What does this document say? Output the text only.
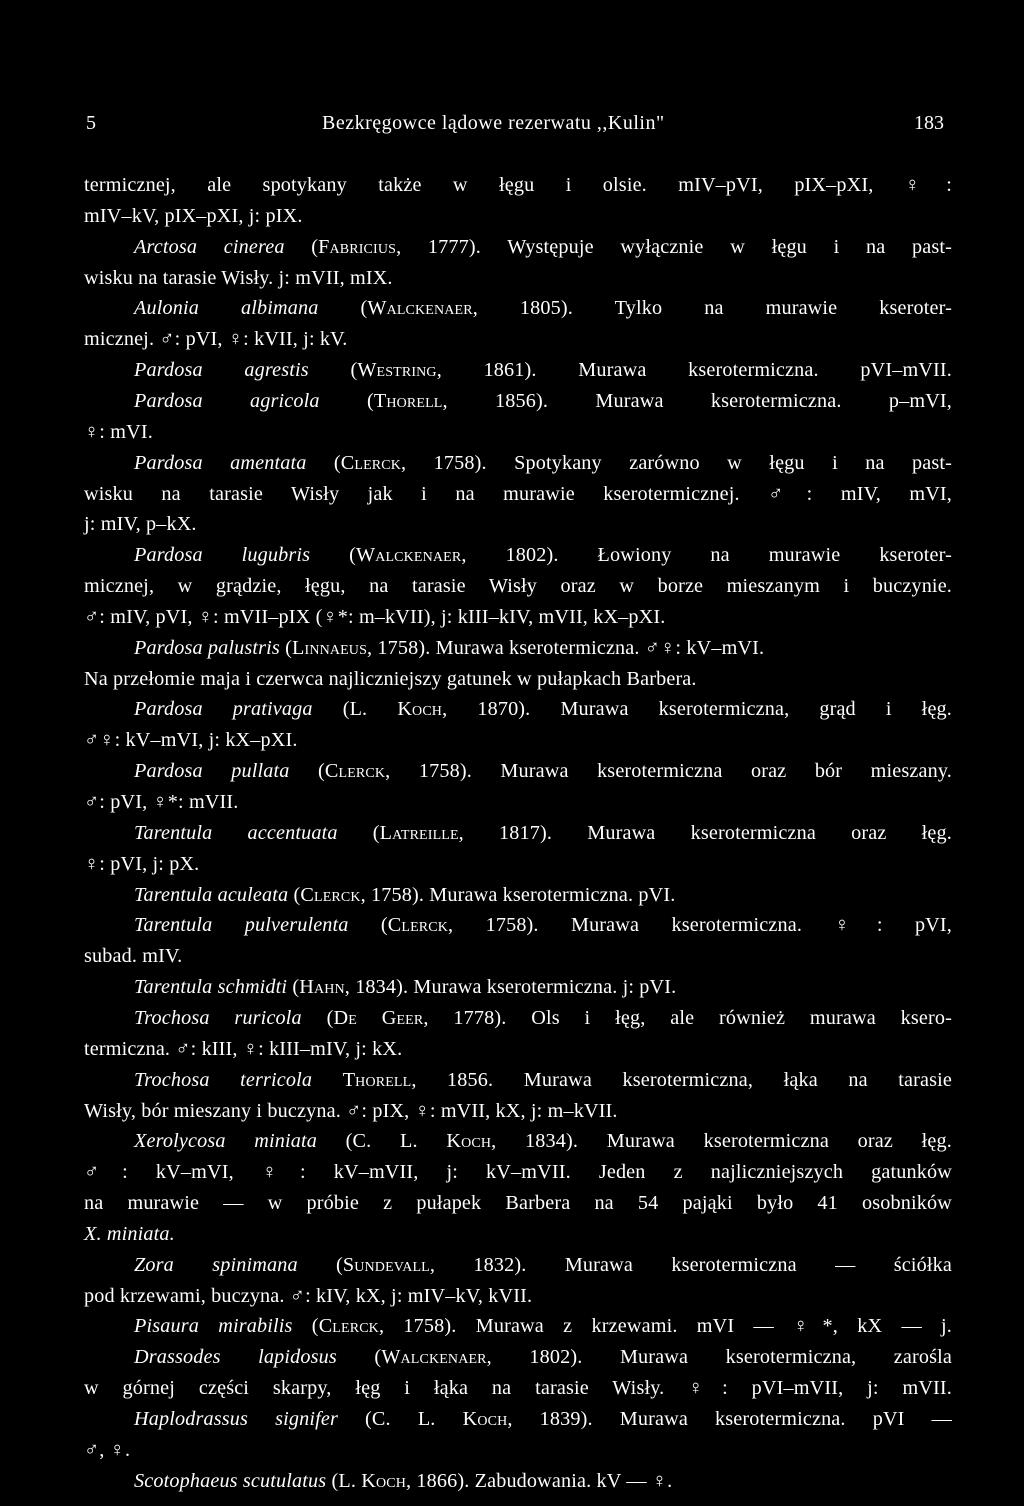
5	Bezkręgowce lądowe rezerwatu ,,Kulin"	183
termicznej, ale spotykany także w łęgu i olsie. mIV–pVI, pIX–pXI, ♀:
mIV–kV, pIX–pXI, j: pIX.
Arctosa cinerea (Fabricius, 1777). Występuje wyłącznie w łęgu i na past-
wisku na tarasie Wisły. j: mVII, mIX.
Aulonia albimana (Walckenaer, 1805). Tylko na murawie kseroter-
micznej. ♂: pVI, ♀: kVII, j: kV.
Pardosa agrestis (Westring, 1861). Murawa kserotermiczna. pVI–mVII.
Pardosa agricola (Thorell, 1856). Murawa kserotermiczna. p–mVI,
♀: mVI.
Pardosa amentata (Clerck, 1758). Spotykany zarówno w łęgu i na past-
wisku na tarasie Wisły jak i na murawie kserotermicznej. ♂: mIV, mVI,
j: mIV, p–kX.
Pardosa lugubris (Walckenaer, 1802). Łowiony na murawie kseroter-
micznej, w grądzie, łęgu, na tarasie Wisły oraz w borze mieszanym i buczynie.
♂: mIV, pVI, ♀: mVII–pIX (♀*: m–kVII), j: kIII–kIV, mVII, kX–pXI.
Pardosa palustris (Linnaeus, 1758). Murawa kserotermiczna. ♂♀: kV–mVI.
Na przełomie maja i czerwca najliczniejszy gatunek w pułapkach Barbera.
Pardosa prativaga (L. Koch, 1870). Murawa kserotermiczna, grąd i łęg.
♂♀: kV–mVI, j: kX–pXI.
Pardosa pullata (Clerck, 1758). Murawa kserotermiczna oraz bór mieszany.
♂: pVI, ♀*: mVII.
Tarentula accentuata (Latreille, 1817). Murawa kserotermiczna oraz łęg.
♀: pVI, j: pX.
Tarentula aculeata (Clerck, 1758). Murawa kserotermiczna. pVI.
Tarentula pulverulenta (Clerck, 1758). Murawa kserotermiczna. ♀: pVI,
subad. mIV.
Tarentula schmidti (Hahn, 1834). Murawa kserotermiczna. j: pVI.
Trochosa ruricola (De Geer, 1778). Ols i łęg, ale również murawa ksero-
termiczna. ♂: kIII, ♀: kIII–mIV, j: kX.
Trochosa terricola Thorell, 1856. Murawa kserotermiczna, łąka na tarasie
Wisły, bór mieszany i buczyna. ♂: pIX, ♀: mVII, kX, j: m–kVII.
Xerolycosa miniata (C. L. Koch, 1834). Murawa kserotermiczna oraz łęg.
♂: kV–mVI, ♀: kV–mVII, j: kV–mVII. Jeden z najliczniejszych gatunków
na murawie — w próbie z pułapek Barbera na 54 pająki było 41 osobników
X. miniata.
Zora spinimana (Sundevall, 1832). Murawa kserotermiczna — ściółka
pod krzewami, buczyna. ♂: kIV, kX, j: mIV–kV, kVII.
Pisaura mirabilis (Clerck, 1758). Murawa z krzewami. mVI — ♀*, kX — j.
Drassodes lapidosus (Walckenaer, 1802). Murawa kserotermiczna, zarośla
w górnej części skarpy, łęg i łąka na tarasie Wisły. ♀: pVI–mVII, j: mVII.
Haplodrassus signifer (C. L. Koch, 1839). Murawa kserotermiczna. pVI —
♂, ♀.
Scotophaeus scutulatus (L. Koch, 1866). Zabudowania. kV — ♀.
